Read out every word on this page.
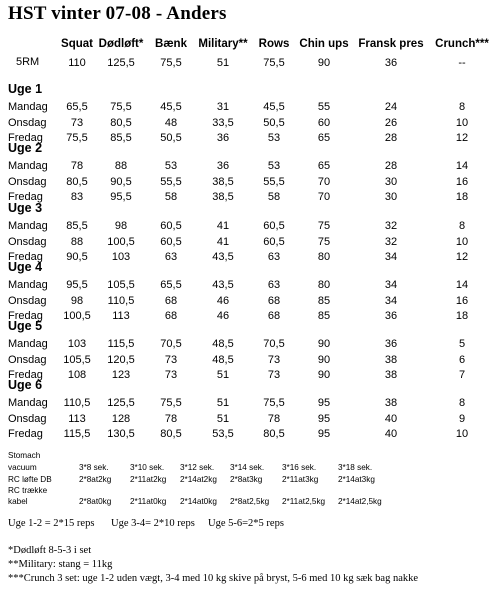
HST vinter 07-08 - Anders
Squat Dødløft* Bænk Military** Rows Chin ups Fransk pres Crunch***
5RM	110 125,5 75,5	51	75,5	90	36	--
Uge 1
Mandag 65,5 75,5	45,5	31	45,5	55	24	8
Onsdag 73 80,5	48	33,5	50,5	60	26	10
Fredag 75,5 85,5	50,5	36	53	65	28	12
Uge 2
Mandag 78	88	53	36	53	65	28	14
Onsdag 80,5 90,5	55,5	38,5	55,5	70	30	16
Fredag	83 95,5	58	38,5	58	70	30	18
Uge 3
Mandag 85,5 98	60,5	41	60,5	75	32	8
Onsdag 88 100,5 60,5	41	60,5	75	32	10
Fredag 90,5 103	63	43,5	63	80	34	12
Uge 4
Mandag 95,5 105,5 65,5	43,5	63	80	34	14
Onsdag 98 110,5	68	46	68	85	34	16
Fredag 100,5 113	68	46	68	85	36	18
Uge 5
Mandag 103 115,5 70,5	48,5	70,5	90	36	5
Onsdag 105,5 120,5	73	48,5	73	90	38	6
Fredag 108 123	73	51	73	90	38	7
Uge 6
Mandag 110,5 125,5 75,5	51	75,5	95	38	8
Onsdag 113 128	78	51	78	95	40	9
Fredag 115,5 130,5 80,5	53,5	80,5	95	40	10
Stomach
vacuum	3*8 sek.	3*10 sek. 3*12 sek. 3*14 sek. 3*16 sek.	3*18 sek.
RC løfte DB	2*8at2kg 2*11at2kg 2*14at2kg 2*8at3kg 2*11at3kg 2*14at3kg
RC trække
kabel	2*8at0kg 2*11at0kg 2*14at0kg 2*8at2,5kg 2*11at2,5kg 2*14at2,5kg
Uge 1-2 = 2*15 reps Uge 3-4= 2*10 reps Uge 5-6=2*5 reps
*Dødløft 8-5-3 i set
**Military: stang = 11kg
***Crunch 3 set: uge 1-2 uden vægt, 3-4 med 10 kg skive på bryst, 5-6 med 10 kg sæk bag nakke
